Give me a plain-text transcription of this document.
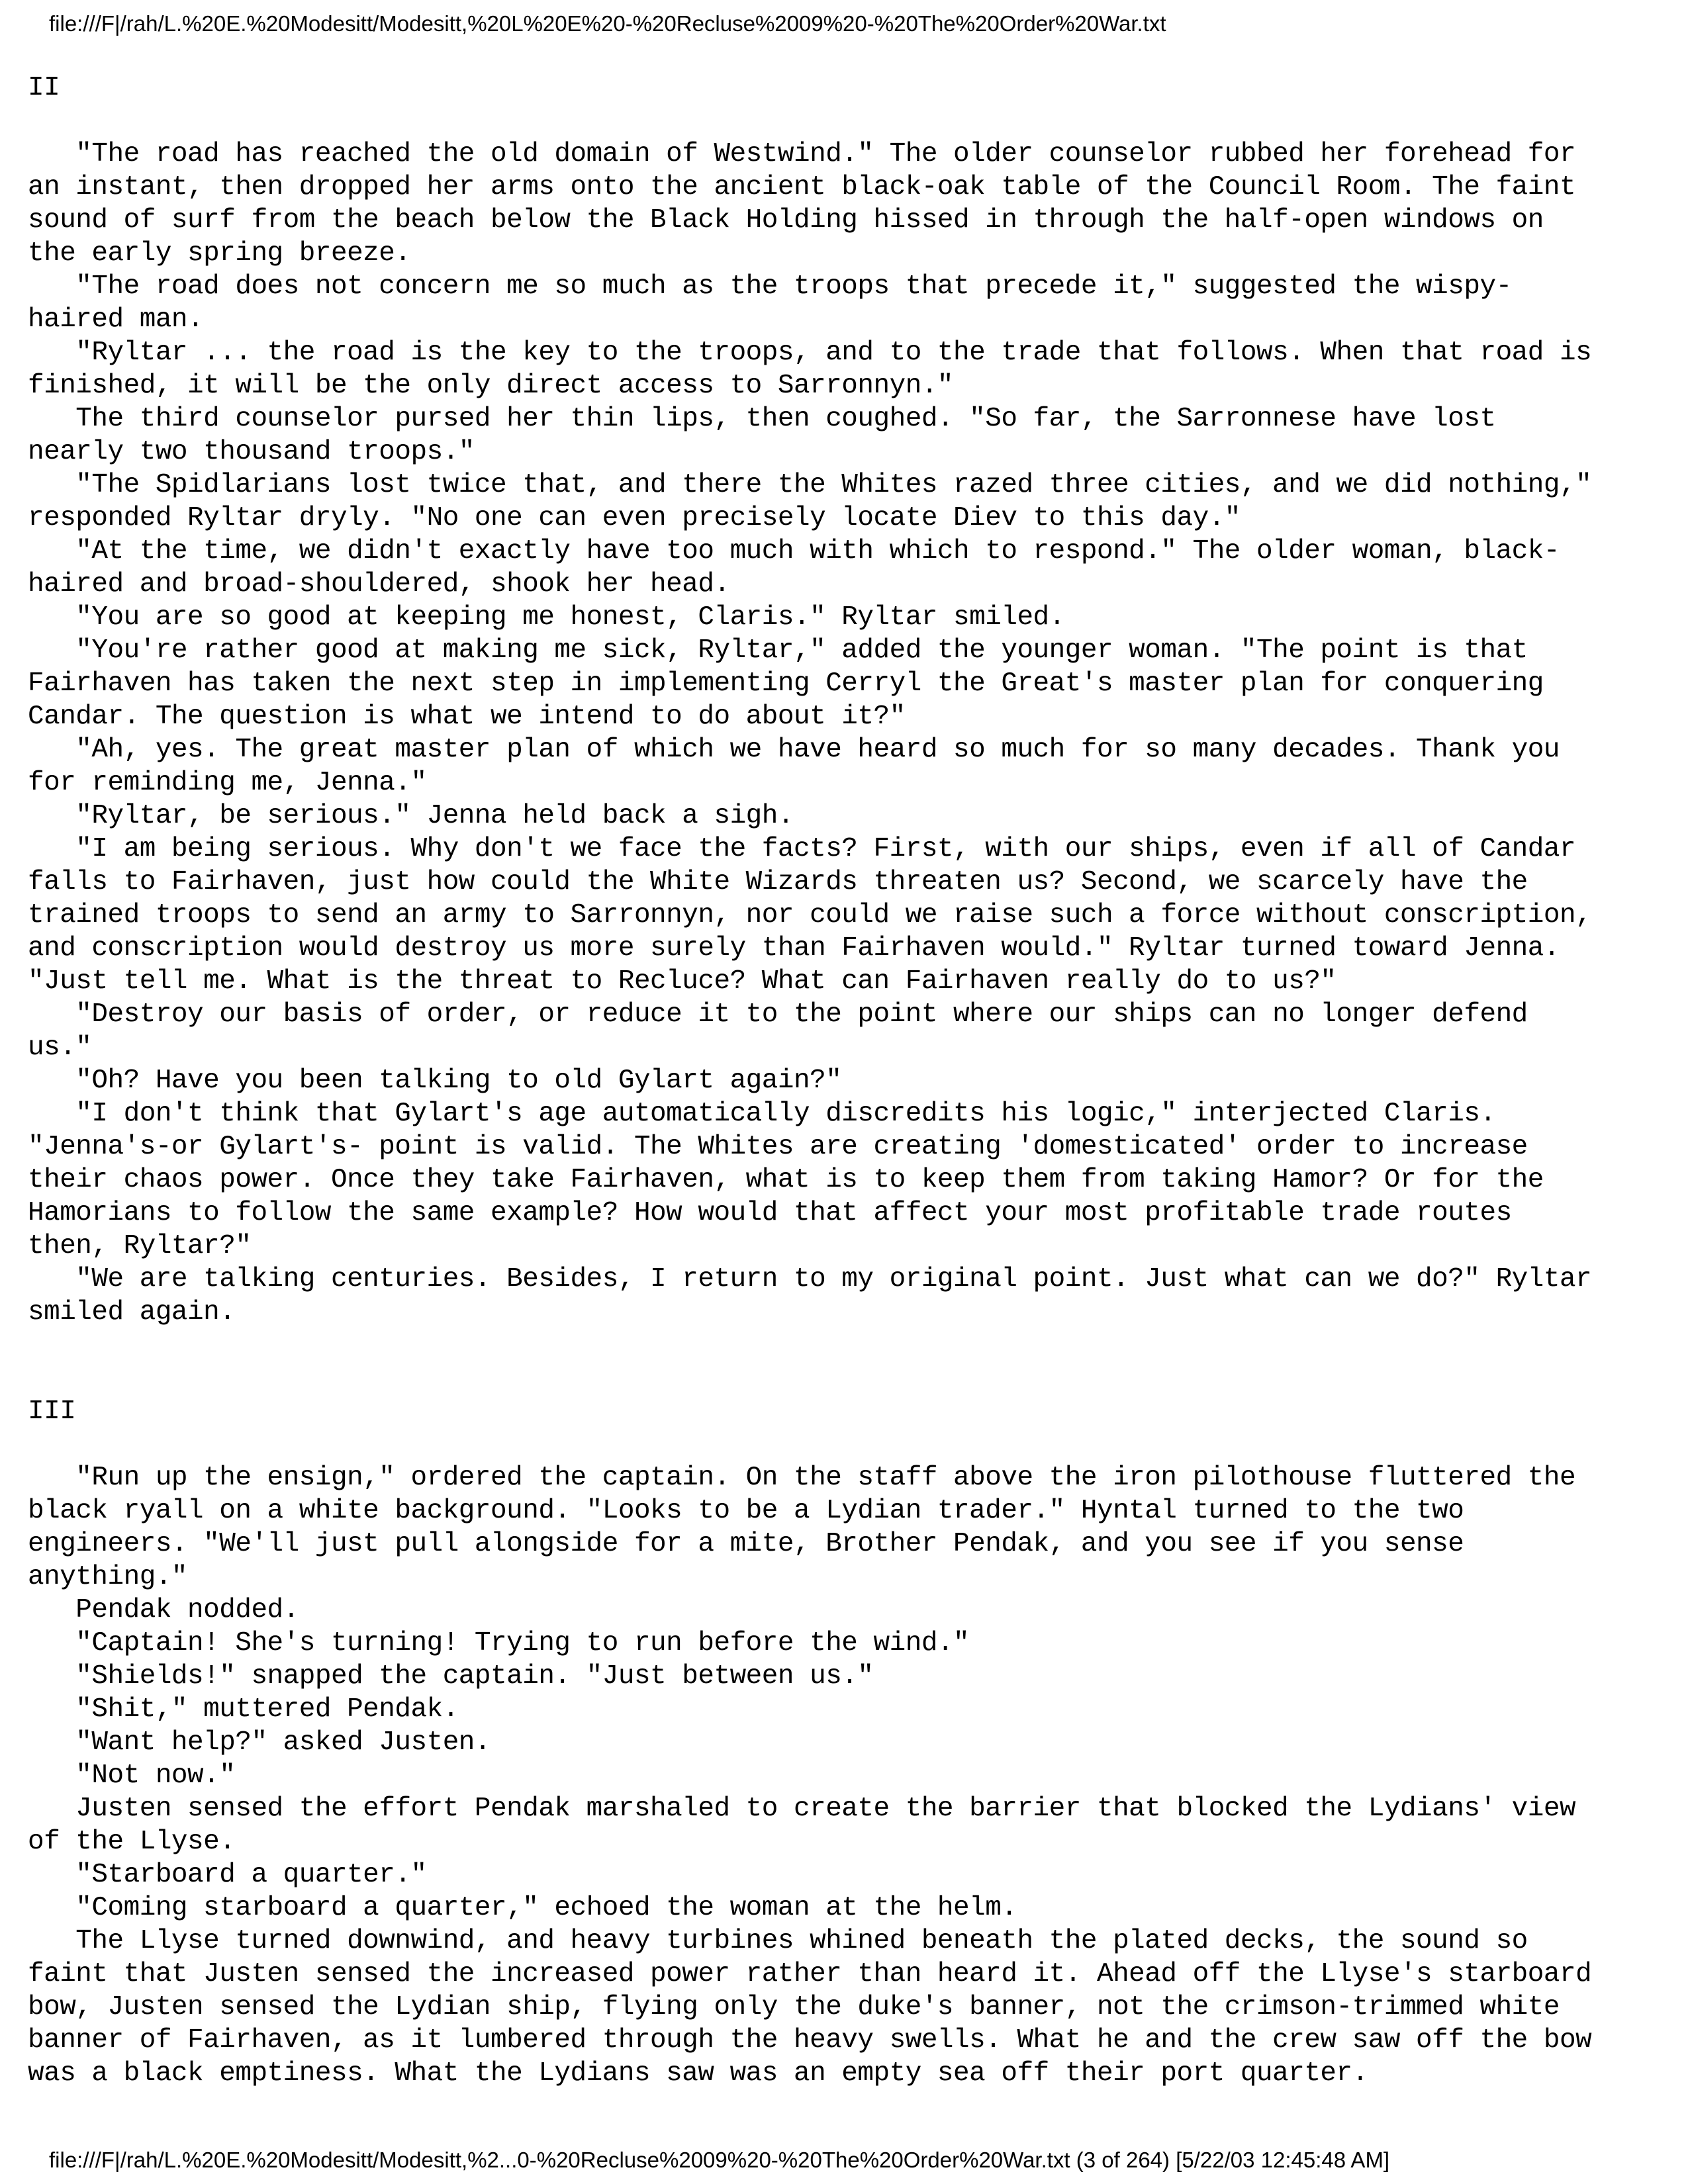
file:///F|/rah/L.%20E.%20Modesitt/Modesitt,%20L%20E%20-%20Recluse%2009%20-%20The%20Order%20War.txt
II
"The road has reached the old domain of Westwind." The older counselor rubbed her forehead for
an instant, then dropped her arms onto the ancient black-oak table of the Council Room. The faint
sound of surf from the beach below the Black Holding hissed in through the half-open windows on
the early spring breeze.
"The road does not concern me so much as the troops that precede it," suggested the wispy-
haired man.
"Ryltar ... the road is the key to the troops, and to the trade that follows. When that road is
finished, it will be the only direct access to Sarronnyn."
The third counselor pursed her thin lips, then coughed. "So far, the Sarronnese have lost
nearly two thousand troops."
"The Spidlarians lost twice that, and there the Whites razed three cities, and we did nothing,"
responded Ryltar dryly. "No one can even precisely locate Diev to this day."
"At the time, we didn't exactly have too much with which to respond." The older woman, black-
haired and broad-shouldered, shook her head.
"You are so good at keeping me honest, Claris." Ryltar smiled.
"You're rather good at making me sick, Ryltar," added the younger woman. "The point is that
Fairhaven has taken the next step in implementing Cerryl the Great's master plan for conquering
Candar. The question is what we intend to do about it?"
"Ah, yes. The great master plan of which we have heard so much for so many decades. Thank you
for reminding me, Jenna."
"Ryltar, be serious." Jenna held back a sigh.
"I am being serious. Why don't we face the facts? First, with our ships, even if all of Candar
falls to Fairhaven, just how could the White Wizards threaten us? Second, we scarcely have the
trained troops to send an army to Sarronnyn, nor could we raise such a force without conscription,
and conscription would destroy us more surely than Fairhaven would." Ryltar turned toward Jenna.
"Just tell me. What is the threat to Recluce? What can Fairhaven really do to us?"
"Destroy our basis of order, or reduce it to the point where our ships can no longer defend
us."
"Oh? Have you been talking to old Gylart again?"
"I don't think that Gylart's age automatically discredits his logic," interjected Claris.
"Jenna's-or Gylart's- point is valid. The Whites are creating 'domesticated' order to increase
their chaos power. Once they take Fairhaven, what is to keep them from taking Hamor? Or for the
Hamorians to follow the same example? How would that affect your most profitable trade routes
then, Ryltar?"
"We are talking centuries. Besides, I return to my original point. Just what can we do?" Ryltar
smiled again.
III
"Run up the ensign," ordered the captain. On the staff above the iron pilothouse fluttered the
black ryall on a white background. "Looks to be a Lydian trader." Hyntal turned to the two
engineers. "We'll just pull alongside for a mite, Brother Pendak, and you see if you sense
anything."
Pendak nodded.
"Captain! She's turning! Trying to run before the wind."
"Shields!" snapped the captain. "Just between us."
"Shit," muttered Pendak.
"Want help?" asked Justen.
"Not now."
Justen sensed the effort Pendak marshaled to create the barrier that blocked the Lydians' view
of the Llyse.
"Starboard a quarter."
"Coming starboard a quarter," echoed the woman at the helm.
The Llyse turned downwind, and heavy turbines whined beneath the plated decks, the sound so
faint that Justen sensed the increased power rather than heard it. Ahead off the Llyse's starboard
bow, Justen sensed the Lydian ship, flying only the duke's banner, not the crimson-trimmed white
banner of Fairhaven, as it lumbered through the heavy swells. What he and the crew saw off the bow
was a black emptiness. What the Lydians saw was an empty sea off their port quarter.
file:///F|/rah/L.%20E.%20Modesitt/Modesitt,%2...0-%20Recluse%2009%20-%20The%20Order%20War.txt (3 of 264) [5/22/03 12:45:48 AM]
